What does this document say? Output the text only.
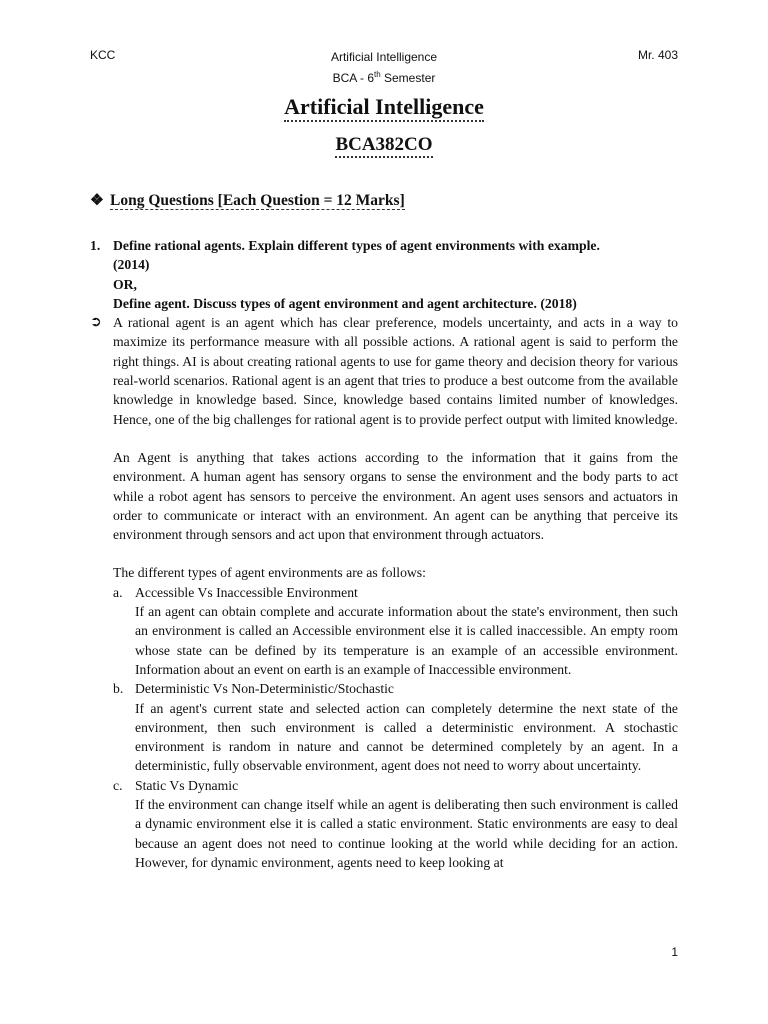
KCC	Artificial Intelligence
BCA - 6th Semester
Mr. 403
Artificial Intelligence
BCA382CO
❖ Long Questions [Each Question = 12 Marks]
1. Define rational agents. Explain different types of agent environments with example.

(2014)

OR,

Define agent. Discuss types of agent environment and agent architecture. (2018)

➲ A rational agent is an agent which has clear preference, models uncertainty, and acts in a way to maximize its performance measure with all possible actions. A rational agent is said to perform the right things. AI is about creating rational agents to use for game theory and decision theory for various real-world scenarios. Rational agent is an agent that tries to produce a best outcome from the available knowledge in knowledge based. Since, knowledge based contains limited number of knowledges. Hence, one of the big challenges for rational agent is to provide perfect output with limited knowledge.

An Agent is anything that takes actions according to the information that it gains from the environment. A human agent has sensory organs to sense the environment and the body parts to act while a robot agent has sensors to perceive the environment. An agent uses sensors and actuators in order to communicate or interact with an environment. An agent can be anything that perceive its environment through sensors and act upon that environment through actuators.

The different types of agent environments are as follows:

a. Accessible Vs Inaccessible Environment
If an agent can obtain complete and accurate information about the state's environment, then such an environment is called an Accessible environment else it is called inaccessible. An empty room whose state can be defined by its temperature is an example of an accessible environment. Information about an event on earth is an example of Inaccessible environment.
b. Deterministic Vs Non-Deterministic/Stochastic
If an agent's current state and selected action can completely determine the next state of the environment, then such environment is called a deterministic environment. A stochastic environment is random in nature and cannot be determined completely by an agent. In a deterministic, fully observable environment, agent does not need to worry about uncertainty.
c. Static Vs Dynamic
If the environment can change itself while an agent is deliberating then such environment is called a dynamic environment else it is called a static environment. Static environments are easy to deal because an agent does not need to continue looking at the world while deciding for an action. However, for dynamic environment, agents need to keep looking at
1
